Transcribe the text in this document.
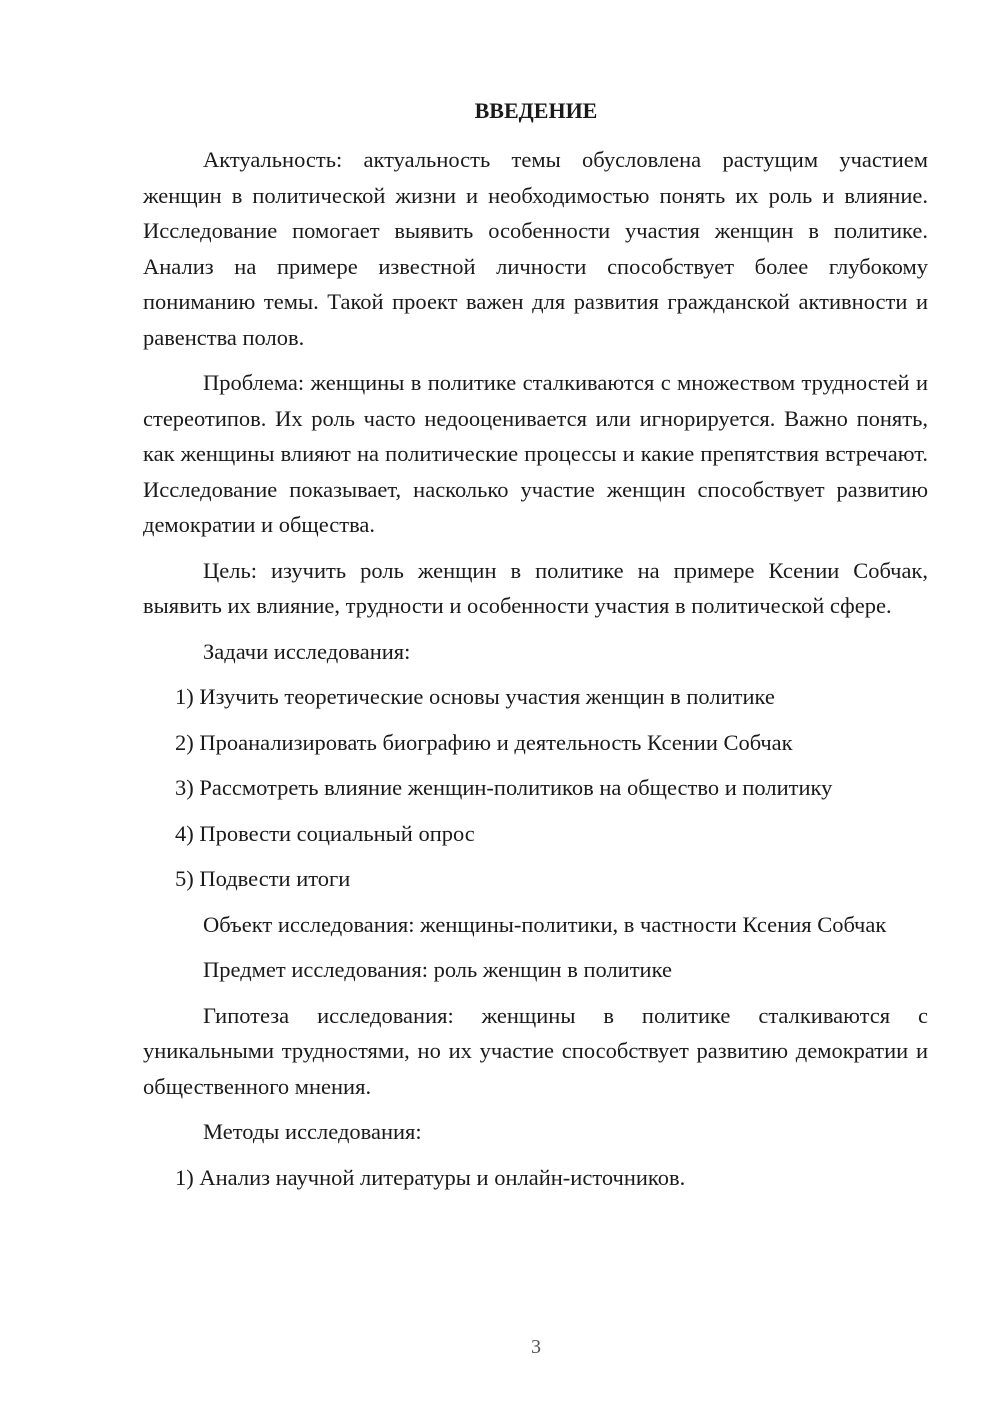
ВВЕДЕНИЕ

Актуальность: актуальность темы обусловлена растущим участием женщин в политической жизни и необходимостью понять их роль и влияние. Исследование помогает выявить особенности участия женщин в политике. Анализ на примере известной личности способствует более глубокому пониманию темы. Такой проект важен для развития гражданской активности и равенства полов.

Проблема: женщины в политике сталкиваются с множеством трудностей и стереотипов. Их роль часто недооценивается или игнорируется. Важно понять, как женщины влияют на политические процессы и какие препятствия встречают. Исследование показывает, насколько участие женщин способствует развитию демократии и общества.

Цель: изучить роль женщин в политике на примере Ксении Собчак, выявить их влияние, трудности и особенности участия в политической сфере.

Задачи исследования:

1) Изучить теоретические основы участия женщин в политике

2) Проанализировать биографию и деятельность Ксении Собчак

3) Рассмотреть влияние женщин-политиков на общество и политику

4) Провести социальный опрос

5) Подвести итоги

Объект исследования: женщины-политики, в частности Ксения Собчак

Предмет исследования: роль женщин в политике

Гипотеза исследования: женщины в политике сталкиваются с уникальными трудностями, но их участие способствует развитию демократии и общественного мнения.

Методы исследования:

1) Анализ научной литературы и онлайн-источников.

3
